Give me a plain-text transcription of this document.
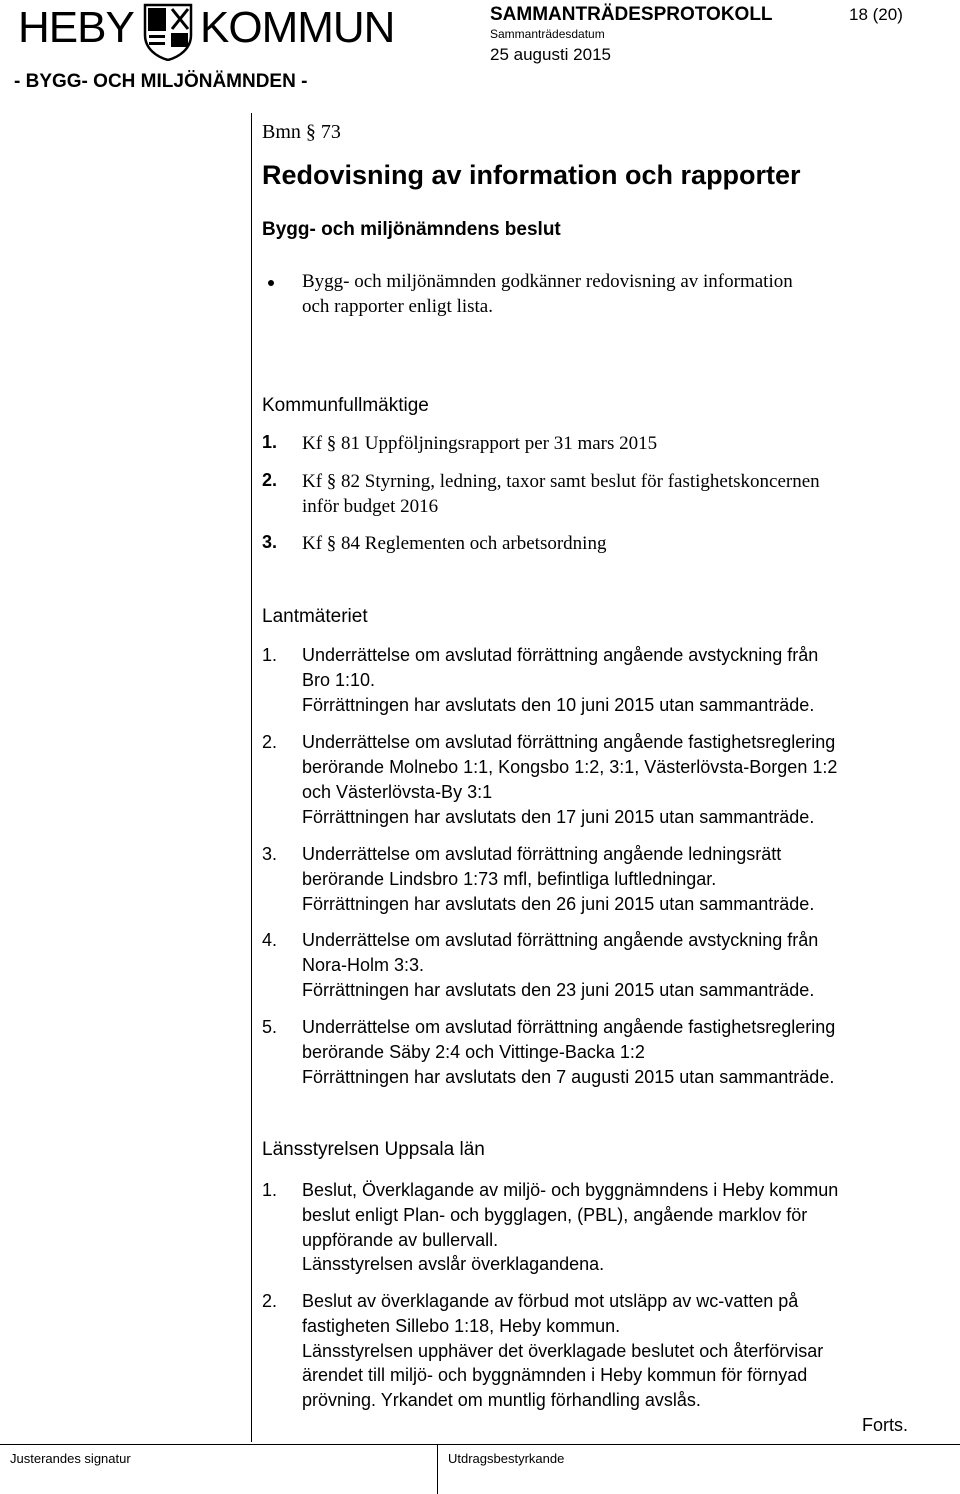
HEBY KOMMUN
- BYGG- OCH MILJÖNÄMNDEN -
SAMMANTRÄDESPROTOKOLL
Sammanträdesdatum
25 augusti 2015
18 (20)
Bmn § 73
Redovisning av information och rapporter
Bygg- och miljönämndens beslut
Bygg- och miljönämnden godkänner redovisning av information
och rapporter enligt lista.
Kommunfullmäktige
1. Kf § 81 Uppföljningsrapport per 31 mars 2015
2. Kf § 82 Styrning, ledning, taxor samt beslut för fastighetskoncernen
inför budget 2016
3. Kf § 84 Reglementen och arbetsordning
Lantmäteriet
1. Underrättelse om avslutad förrättning angående avstyckning från
Bro 1:10.
Förrättningen har avslutats den 10 juni 2015 utan sammanträde.
2. Underrättelse om avslutad förrättning angående fastighetsreglering
berörande Molnebo 1:1, Kongsbo 1:2, 3:1, Västerlövsta-Borgen 1:2
och Västerlövsta-By 3:1
Förrättningen har avslutats den 17 juni 2015 utan sammanträde.
3. Underrättelse om avslutad förrättning angående ledningsrätt
berörande Lindsbro 1:73 mfl, befintliga luftledningar.
Förrättningen har avslutats den 26 juni 2015 utan sammanträde.
4. Underrättelse om avslutad förrättning angående avstyckning från
Nora-Holm 3:3.
Förrättningen har avslutats den 23 juni 2015 utan sammanträde.
5. Underrättelse om avslutad förrättning angående fastighetsreglering
berörande Säby 2:4 och Vittinge-Backa 1:2
Förrättningen har avslutats den 7 augusti 2015 utan sammanträde.
Länsstyrelsen Uppsala län
1. Beslut, Överklagande av miljö- och byggnämndens i Heby kommun
beslut enligt Plan- och bygglagen, (PBL), angående marklov för
uppförande av bullervall.
Länsstyrelsen avslår överklagandena.
2. Beslut av överklagande av förbud mot utsläpp av wc-vatten på
fastigheten Sillebo 1:18, Heby kommun.
Länsstyrelsen upphäver det överklagade beslutet och återförvisar
ärendet till miljö- och byggnämnden i Heby kommun för förnyad
prövning. Yrkandet om muntlig förhandling avslås.
Forts.
Justerandes signatur	Utdragsbestyrkande
